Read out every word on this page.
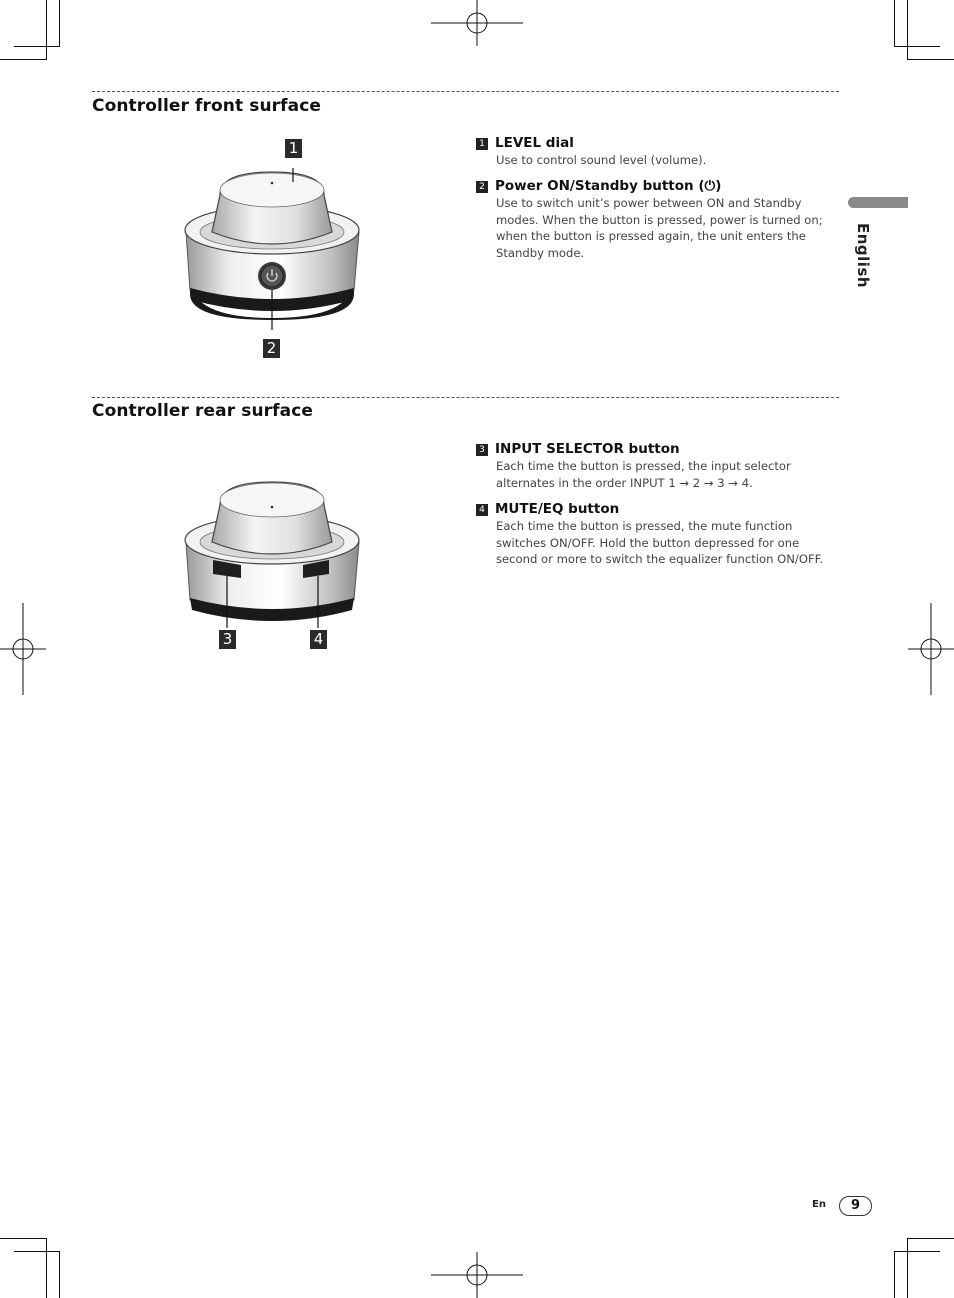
English
Controller front surface
1
2
1 LEVEL dial
Use to control sound level (volume).
2 Power ON/Standby button (⏻)
Use to switch unit’s power between ON and Standby modes. When the button is pressed, power is turned on; when the button is pressed again, the unit enters the Standby mode.
Controller rear surface
3	4
3 INPUT SELECTOR button
Each time the button is pressed, the input selector alternates in the order INPUT 1 → 2 → 3 → 4.
4 MUTE/EQ button
Each time the button is pressed, the mute function switches ON/OFF. Hold the button depressed for one second or more to switch the equalizer function ON/OFF.
En	9
